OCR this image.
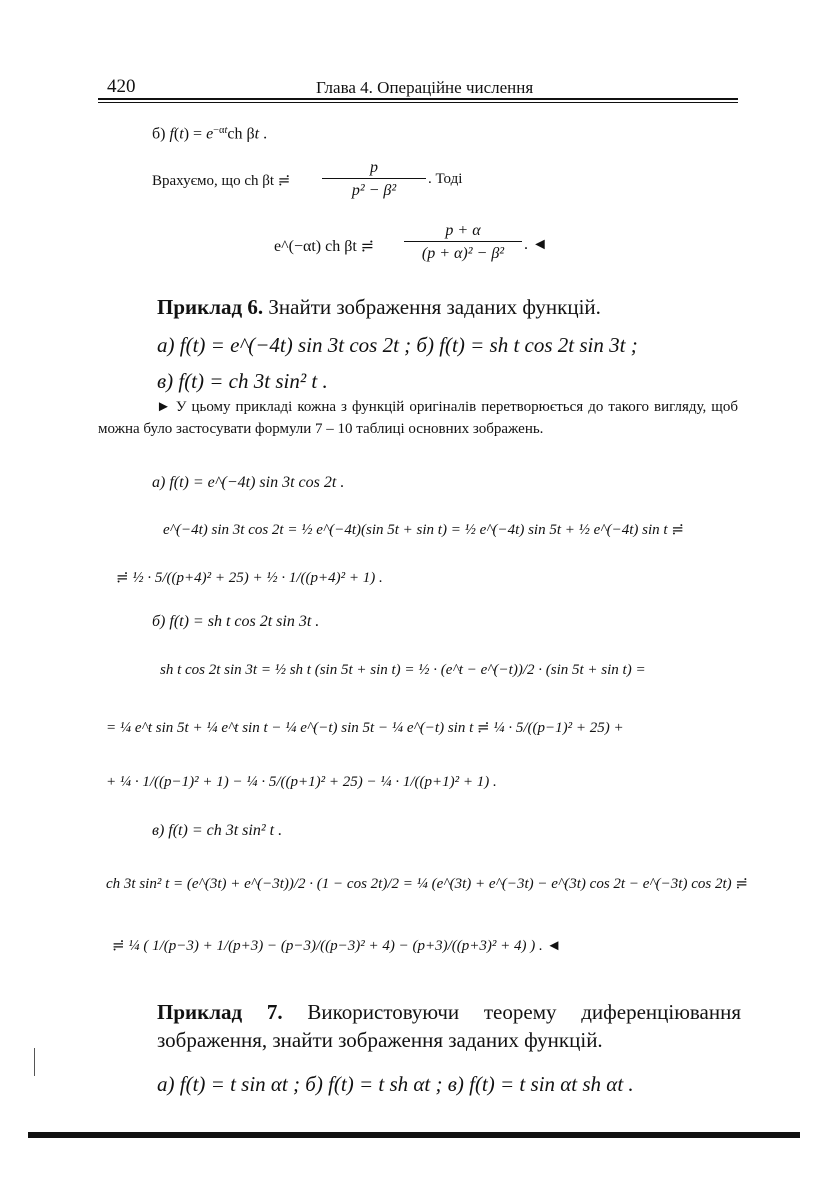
420	Глава 4. Операційне числення
б) $f(t) = e^{-\alpha t}ch$ βt .
Врахуємо, що ch βt ≓
p
p² − β²
. Тоді
e^(−αt) ch βt ≓
p + α
(p + α)² − β²
. ◄
Приклад 6. Знайти зображення заданих функцій.
а) f(t) = e^(−4t) sin 3t cos 2t ; б) f(t) = sh t cos 2t sin 3t ;
в) f(t) = ch 3t sin² t .
► У цьому прикладі кожна з функцій оригіналів перетворюється до такого вигляду, щоб можна було застосувати формули 7 – 10 таблиці основних зображень.
а) f(t) = e^(−4t) sin 3t cos 2t .
e^(−4t) sin 3t cos 2t = ½ e^(−4t)(sin 5t + sin t) = ½ e^(−4t) sin 5t + ½ e^(−4t) sin t ≓
≓ ½ · 5/((p+4)² + 25) + ½ · 1/((p+4)² + 1) .
б) f(t) = sh t cos 2t sin 3t .
sh t cos 2t sin 3t = ½ sh t (sin 5t + sin t) = ½ · (e^t − e^(−t))/2 · (sin 5t + sin t) =
= ¼ e^t sin 5t + ¼ e^t sin t − ¼ e^(−t) sin 5t − ¼ e^(−t) sin t ≓ ¼ · 5/((p−1)² + 25) +
+ ¼ · 1/((p−1)² + 1) − ¼ · 5/((p+1)² + 25) − ¼ · 1/((p+1)² + 1) .
в) f(t) = ch 3t sin² t .
ch 3t sin² t = (e^(3t) + e^(−3t))/2 · (1 − cos 2t)/2 = ¼ (e^(3t) + e^(−3t) − e^(3t) cos 2t − e^(−3t) cos 2t) ≓
≓ ¼ ( 1/(p−3) + 1/(p+3) − (p−3)/((p−3)² + 4) − (p+3)/((p+3)² + 4) ) . ◄
Приклад 7. Використовуючи теорему диференціювання зображення, знайти зображення заданих функцій.
а) f(t) = t sin αt ; б) f(t) = t sh αt ; в) f(t) = t sin αt sh αt .
